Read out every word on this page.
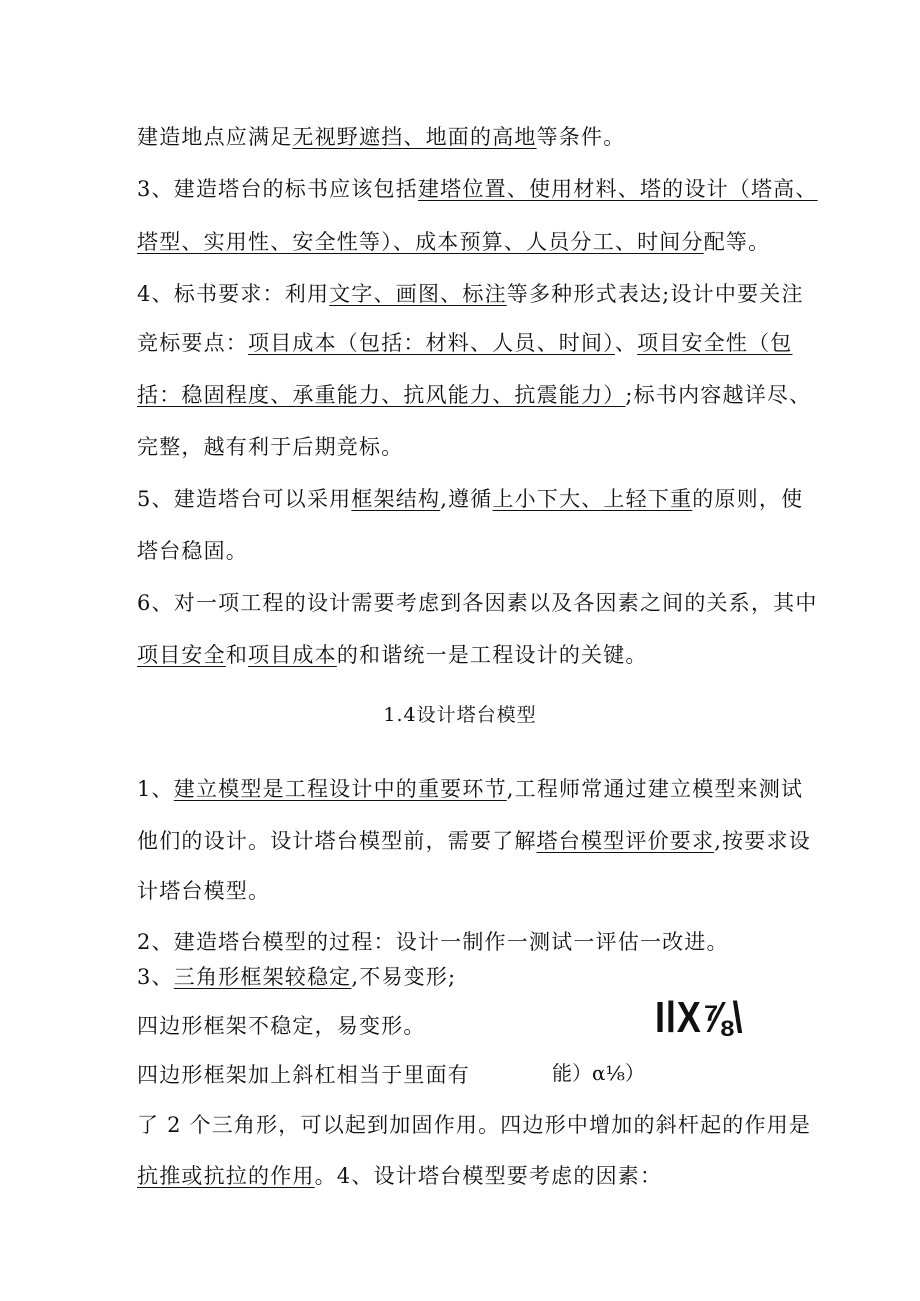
建造地点应满足无视野遮挡、地面的高地等条件。
3、建造塔台的标书应该包括建塔位置、使用材料、塔的设计（塔高、
塔型、实用性、安全性等）、成本预算、人员分工、时间分配等。
4、标书要求：利用文字、画图、标注等多种形式表达;设计中要关注
竞标要点：项目成本（包括：材料、人员、时间）、项目安全性（包
括：稳固程度、承重能力、抗风能力、抗震能力）;标书内容越详尽、
完整，越有利于后期竞标。
5、建造塔台可以采用框架结构,遵循上小下大、上轻下重的原则，使
塔台稳固。
6、对一项工程的设计需要考虑到各因素以及各因素之间的关系，其中
项目安全和项目成本的和谐统一是工程设计的关键。
1.4设计塔台模型
1、建立模型是工程设计中的重要环节,工程师常通过建立模型来测试
他们的设计。设计塔台模型前，需要了解塔台模型评价要求,按要求设
计塔台模型。
2、建造塔台模型的过程：设计一制作一测试一评估一改进。
3、三角形框架较稳定,不易变形;
四边形框架不稳定，易变形。
四边形框架加上斜杠相当于里面有
了 2 个三角形，可以起到加固作用。四边形中增加的斜杆起的作用是
抗推或抗拉的作用。4、设计塔台模型要考虑的因素：
IlX⅞\
能）α⅛）
